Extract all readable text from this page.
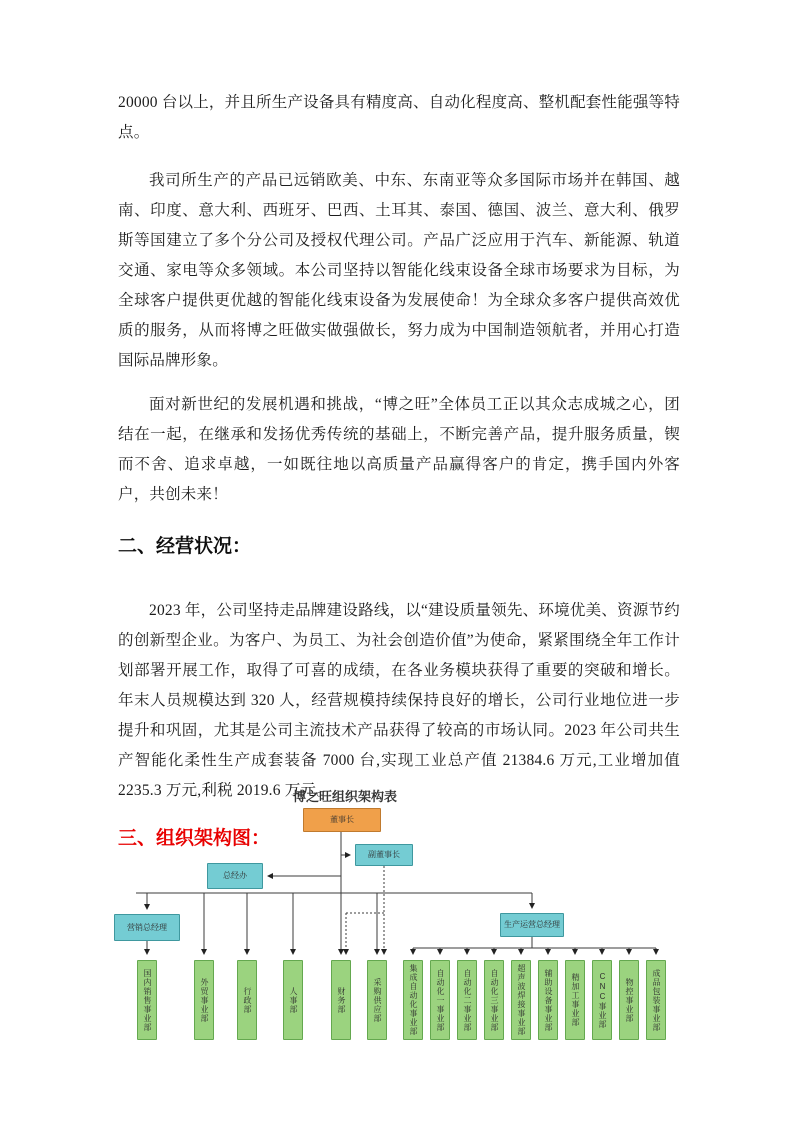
20000 台以上，并且所生产设备具有精度高、自动化程度高、整机配套性能强等特点。

我司所生产的产品已远销欧美、中东、东南亚等众多国际市场并在韩国、越南、印度、意大利、西班牙、巴西、土耳其、泰国、德国、波兰、意大利、俄罗斯等国建立了多个分公司及授权代理公司。产品广泛应用于汽车、新能源、轨道交通、家电等众多领域。本公司坚持以智能化线束设备全球市场要求为目标，为全球客户提供更优越的智能化线束设备为发展使命！为全球众多客户提供高效优质的服务，从而将博之旺做实做强做长，努力成为中国制造领航者，并用心打造国际品牌形象。

面对新世纪的发展机遇和挑战，“博之旺”全体员工正以其众志成城之心，团结在一起，在继承和发扬优秀传统的基础上，不断完善产品，提升服务质量，锲而不舍、追求卓越，一如既往地以高质量产品赢得客户的肯定，携手国内外客户，共创未来！

二、经营状况：

2023 年，公司坚持走品牌建设路线，以“建设质量领先、环境优美、资源节约的创新型企业。为客户、为员工、为社会创造价值”为使命，紧紧围绕全年工作计划部署开展工作，取得了可喜的成绩，在各业务模块获得了重要的突破和增长。年末人员规模达到 320 人，经营规模持续保持良好的增长，公司行业地位进一步提升和巩固，尤其是公司主流技术产品获得了较高的市场认同。2023 年公司共生产智能化柔性生产成套装备 7000 台,实现工业总产值 21384.6 万元,工业增加值 2235.3 万元,利税 2019.6 万元。

三、组织架构图：
博之旺组织架构表
董事长
副董事长
总经办
营销总经理	生产运营总经理
国内销售事业部	外贸事业部	行政部	人事部	财务部	采购供应部	集成自动化事业部 自动化一事业部 自动化二事业部 自动化三事业部 超声波焊接事业部 辅助设备事业部 精加工事业部 CNC事业部 物控事业部 成品包装事业部
